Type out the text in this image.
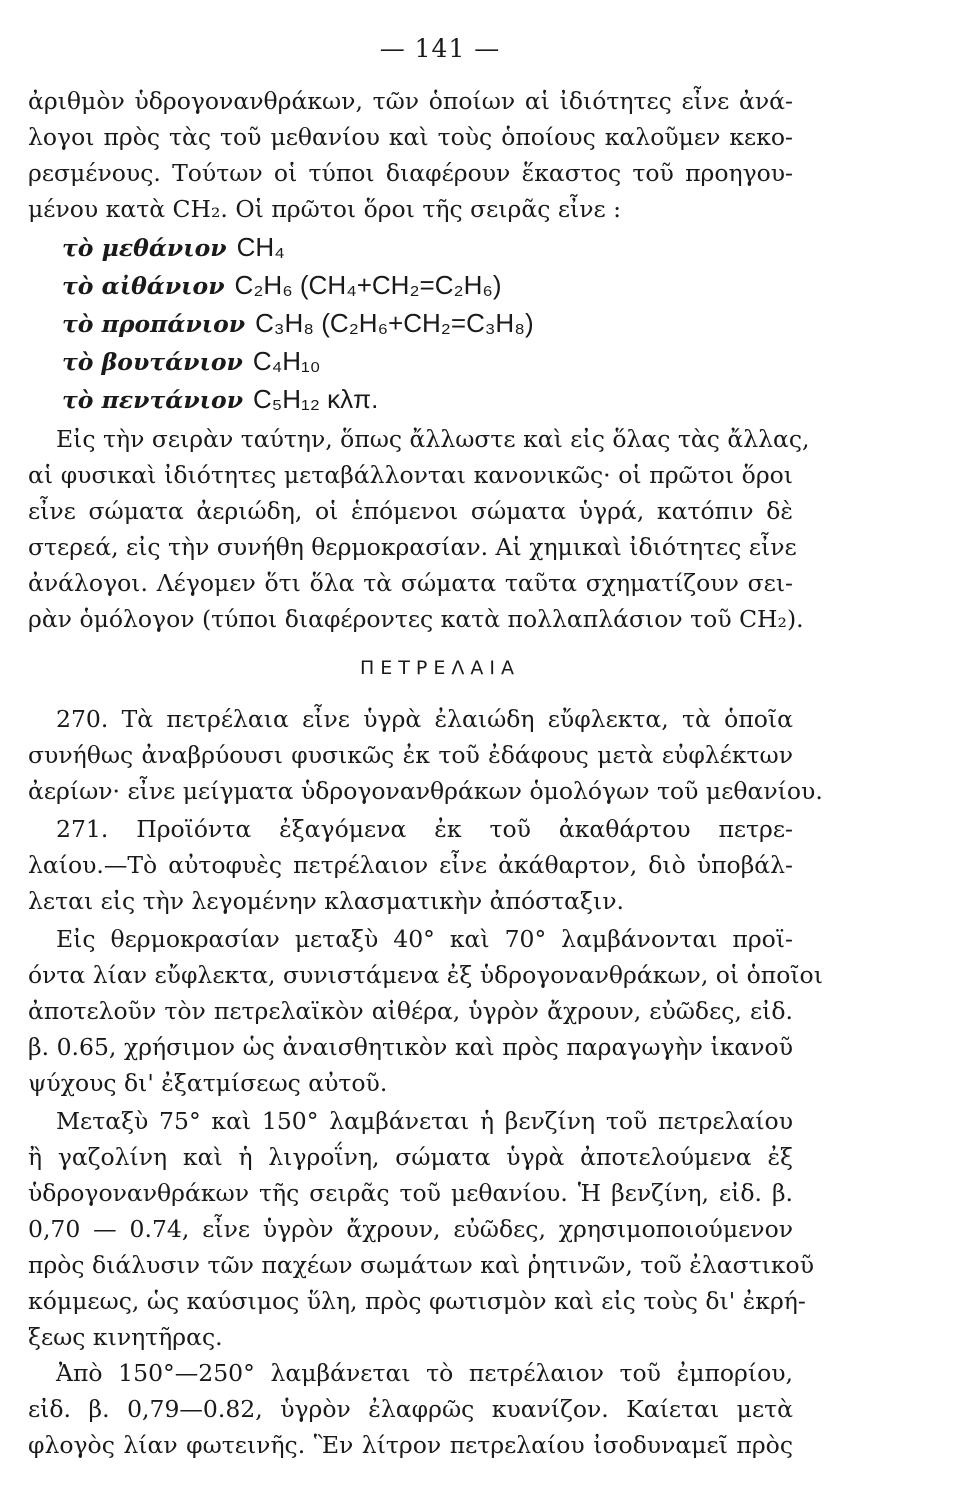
— 141 —
ἀριθμὸν ὑδρογονανθράκων, τῶν ὁποίων αἱ ἰδιότητες εἶνε ἀνά-
λογοι πρὸς τὰς τοῦ μεθανίου καὶ τοὺς ὁποίους καλοῦμεν κεκο-
ρεσμένους. Τούτων οἱ τύποι διαφέρουν ἕκαστος τοῦ προηγου-
μένου κατὰ CH₂. Οἱ πρῶτοι ὅροι τῆς σειρᾶς εἶνε :
τὸ μεθάνιον CH₄
τὸ αἰθάνιον C₂H₆ (CH₄+CH₂=C₂H₆)
τὸ προπάνιον C₃H₈ (C₂H₆+CH₂=C₃H₈)
τὸ βουτάνιον C₄H₁₀
τὸ πεντάνιον C₅H₁₂ κλπ.
Εἰς τὴν σειρὰν ταύτην, ὅπως ἄλλωστε καὶ εἰς ὅλας τὰς ἄλλας,
αἱ φυσικαὶ ἰδιότητες μεταβάλλονται κανονικῶς· οἱ πρῶτοι ὅροι
εἶνε σώματα ἀεριώδη, οἱ ἑπόμενοι σώματα ὑγρά, κατόπιν δὲ
στερεά, εἰς τὴν συνήθη θερμοκρασίαν. Αἱ χημικαὶ ἰδιότητες εἶνε
ἀνάλογοι. Λέγομεν ὅτι ὅλα τὰ σώματα ταῦτα σχηματίζουν σει-
ρὰν ὁμόλογον (τύποι διαφέροντες κατὰ πολλαπλάσιον τοῦ CH₂).
ΠΕΤΡΕΛΑΙΑ
270. Τὰ πετρέλαια εἶνε ὑγρὰ ἐλαιώδη εὔφλεκτα, τὰ ὁποῖα
συνήθως ἀναβρύουσι φυσικῶς ἐκ τοῦ ἐδάφους μετὰ εὐφλέκτων
ἀερίων· εἶνε μείγματα ὑδρογονανθράκων ὁμολόγων τοῦ μεθανίου.
271. Προϊόντα ἐξαγόμενα ἐκ τοῦ ἀκαθάρτου πετρε-
λαίου.—Τὸ αὐτοφυὲς πετρέλαιον εἶνε ἀκάθαρτον, διὸ ὑποβάλ-
λεται εἰς τὴν λεγομένην κλασματικὴν ἀπόσταξιν.
Εἰς θερμοκρασίαν μεταξὺ 40° καὶ 70° λαμβάνονται προϊ-
όντα λίαν εὔφλεκτα, συνιστάμενα ἐξ ὑδρογονανθράκων, οἱ ὁποῖοι
ἀποτελοῦν τὸν πετρελαϊκὸν αἰθέρα, ὑγρὸν ἄχρουν, εὐῶδες, εἰδ.
β. 0.65, χρήσιμον ὡς ἀναισθητικὸν καὶ πρὸς παραγωγὴν ἱκανοῦ
ψύχους δι' ἐξατμίσεως αὐτοῦ.
Μεταξὺ 75° καὶ 150° λαμβάνεται ἡ βενζίνη τοῦ πετρελαίου
ἢ γαζολίνη καὶ ἡ λιγροΐνη, σώματα ὑγρὰ ἀποτελούμενα ἐξ
ὑδρογονανθράκων τῆς σειρᾶς τοῦ μεθανίου. Ἡ βενζίνη, εἰδ. β.
0,70 — 0.74, εἶνε ὑγρὸν ἄχρουν, εὐῶδες, χρησιμοποιούμενον
πρὸς διάλυσιν τῶν παχέων σωμάτων καὶ ῥητινῶν, τοῦ ἐλαστικοῦ
κόμμεως, ὡς καύσιμος ὕλη, πρὸς φωτισμὸν καὶ εἰς τοὺς δι' ἐκρή-
ξεως κινητῆρας.
Ἀπὸ 150°—250° λαμβάνεται τὸ πετρέλαιον τοῦ ἐμπορίου,
εἰδ. β. 0,79—0.82, ὑγρὸν ἐλαφρῶς κυανίζον. Καίεται μετὰ
φλογὸς λίαν φωτεινῆς. Ἓν λίτρον πετρελαίου ἰσοδυναμεῖ πρὸς
